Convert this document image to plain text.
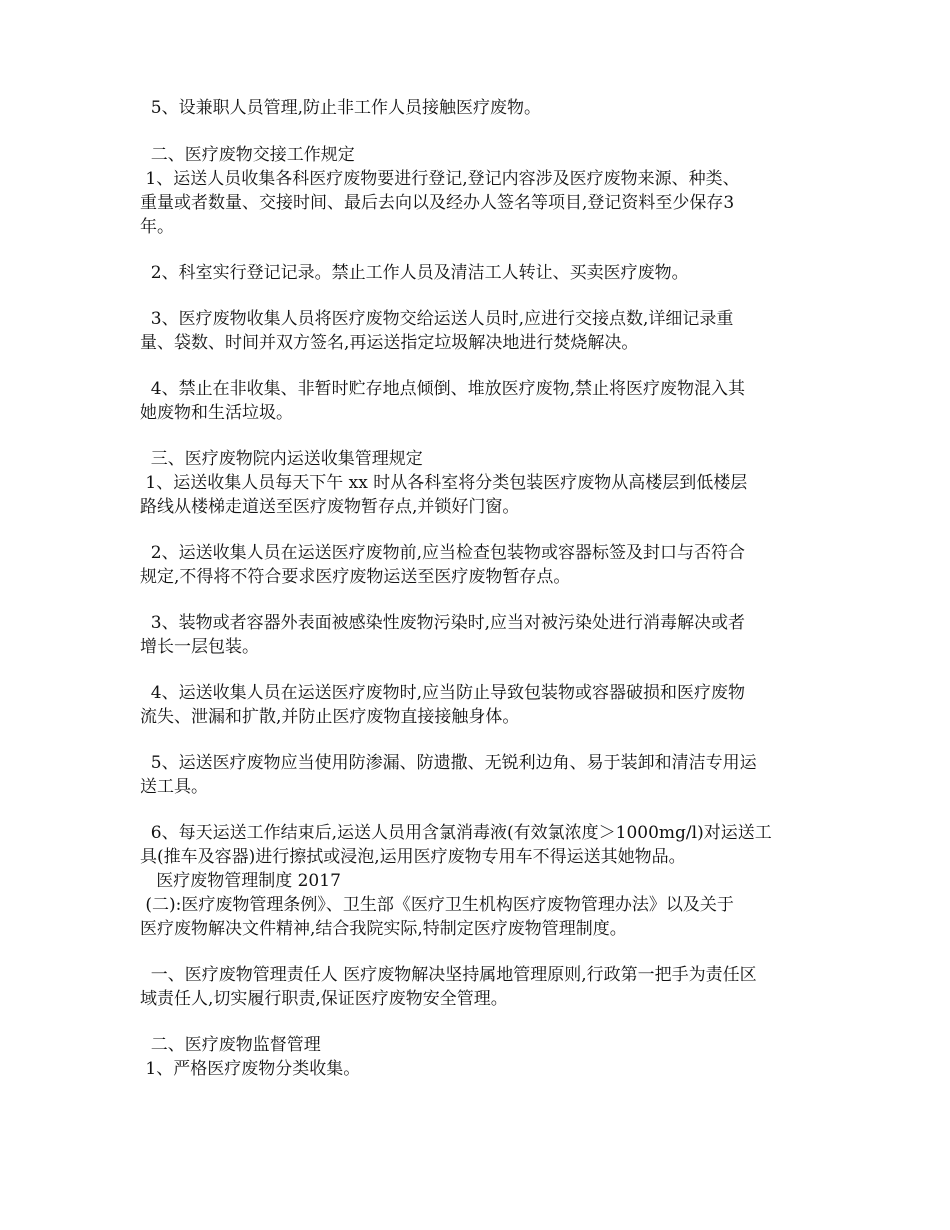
5、设兼职人员管理,防止非工作人员接触医疗废物。

二、医疗废物交接工作规定

1、运送人员收集各科医疗废物要进行登记,登记内容涉及医疗废物来源、种类、

重量或者数量、交接时间、最后去向以及经办人签名等项目,登记资料至少保存3

年。

2、科室实行登记记录。禁止工作人员及清洁工人转让、买卖医疗废物。

3、医疗废物收集人员将医疗废物交给运送人员时,应进行交接点数,详细记录重

量、袋数、时间并双方签名,再运送指定垃圾解决地进行焚烧解决。

4、禁止在非收集、非暂时贮存地点倾倒、堆放医疗废物,禁止将医疗废物混入其

她废物和生活垃圾。

三、医疗废物院内运送收集管理规定

1、运送收集人员每天下午 xx 时从各科室将分类包装医疗废物从高楼层到低楼层

路线从楼梯走道送至医疗废物暂存点,并锁好门窗。

2、运送收集人员在运送医疗废物前,应当检查包装物或容器标签及封口与否符合

规定,不得将不符合要求医疗废物运送至医疗废物暂存点。

3、装物或者容器外表面被感染性废物污染时,应当对被污染处进行消毒解决或者

增长一层包装。

4、运送收集人员在运送医疗废物时,应当防止导致包装物或容器破损和医疗废物

流失、泄漏和扩散,并防止医疗废物直接接触身体。

5、运送医疗废物应当使用防渗漏、防遗撒、无锐利边角、易于装卸和清洁专用运

送工具。

6、每天运送工作结束后,运送人员用含氯消毒液(有效氯浓度＞1000mg/l)对运送工

具(推车及容器)进行擦拭或浸泡,运用医疗废物专用车不得运送其她物品。

医疗废物管理制度 2017

(二):医疗废物管理条例》、卫生部《医疗卫生机构医疗废物管理办法》以及关于

医疗废物解决文件精神,结合我院实际,特制定医疗废物管理制度。

一、医疗废物管理责任人 医疗废物解决坚持属地管理原则,行政第一把手为责任区

域责任人,切实履行职责,保证医疗废物安全管理。

二、医疗废物监督管理

1、严格医疗废物分类收集。
